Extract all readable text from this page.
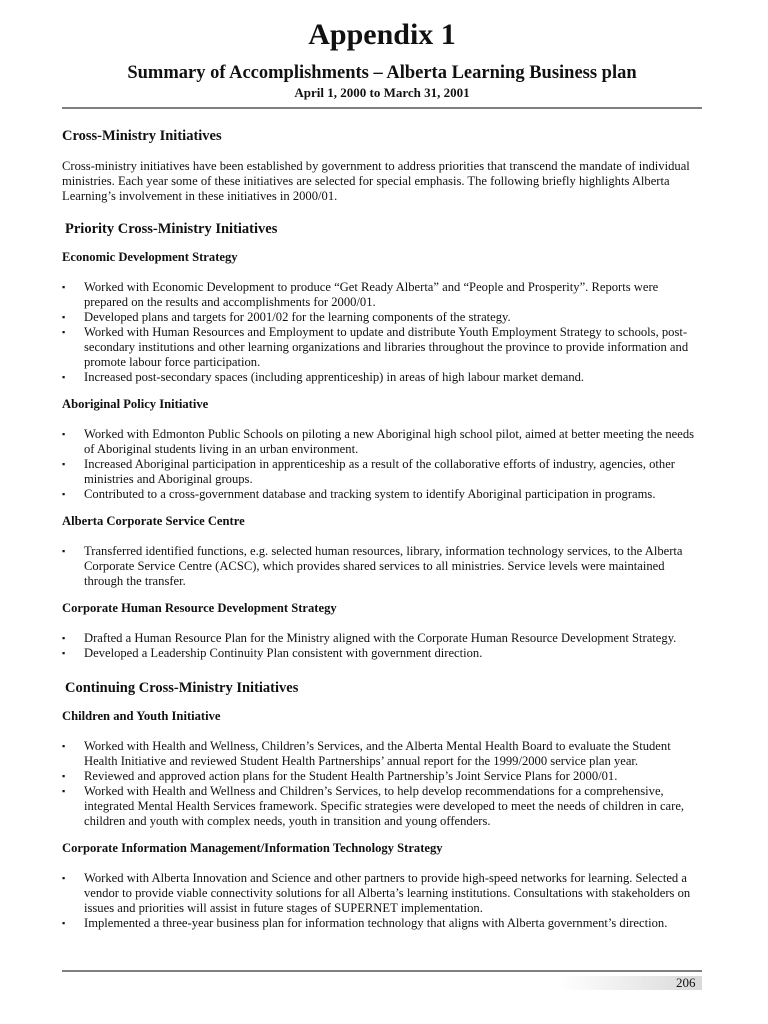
Appendix 1
Summary of Accomplishments – Alberta Learning Business plan
April 1, 2000 to March 31, 2001
Cross-Ministry Initiatives
Cross-ministry initiatives have been established by government to address priorities that transcend the mandate of individual ministries. Each year some of these initiatives are selected for special emphasis. The following briefly highlights Alberta Learning’s involvement in these initiatives in 2000/01.
Priority Cross-Ministry Initiatives
Economic Development Strategy
▪	Worked with Economic Development to produce “Get Ready Alberta” and “People and Prosperity”. Reports were prepared on the results and accomplishments for 2000/01.
▪	Developed plans and targets for 2001/02 for the learning components of the strategy.
▪	Worked with Human Resources and Employment to update and distribute Youth Employment Strategy to schools, post-secondary institutions and other learning organizations and libraries throughout the province to provide information and promote labour force participation.
▪	Increased post-secondary spaces (including apprenticeship) in areas of high labour market demand.
Aboriginal Policy Initiative
▪	Worked with Edmonton Public Schools on piloting a new Aboriginal high school pilot, aimed at better meeting the needs of Aboriginal students living in an urban environment.
▪	Increased Aboriginal participation in apprenticeship as a result of the collaborative efforts of industry, agencies, other ministries and Aboriginal groups.
▪	Contributed to a cross-government database and tracking system to identify Aboriginal participation in programs.
Alberta Corporate Service Centre
▪	Transferred identified functions, e.g. selected human resources, library, information technology services, to the Alberta Corporate Service Centre (ACSC), which provides shared services to all ministries. Service levels were maintained through the transfer.
Corporate Human Resource Development Strategy
▪	Drafted a Human Resource Plan for the Ministry aligned with the Corporate Human Resource Development Strategy.
▪	Developed a Leadership Continuity Plan consistent with government direction.
Continuing Cross-Ministry Initiatives
Children and Youth Initiative
▪	Worked with Health and Wellness, Children’s Services, and the Alberta Mental Health Board to evaluate the Student Health Initiative and reviewed Student Health Partnerships’ annual report for the 1999/2000 service plan year.
▪	Reviewed and approved action plans for the Student Health Partnership’s Joint Service Plans for 2000/01.
▪	Worked with Health and Wellness and Children’s Services, to help develop recommendations for a comprehensive, integrated Mental Health Services framework. Specific strategies were developed to meet the needs of children in care, children and youth with complex needs, youth in transition and young offenders.
Corporate Information Management/Information Technology Strategy
▪	Worked with Alberta Innovation and Science and other partners to provide high-speed networks for learning. Selected a vendor to provide viable connectivity solutions for all Alberta’s learning institutions. Consultations with stakeholders on issues and priorities will assist in future stages of SUPERNET implementation.
▪	Implemented a three-year business plan for information technology that aligns with Alberta government’s direction.
206
